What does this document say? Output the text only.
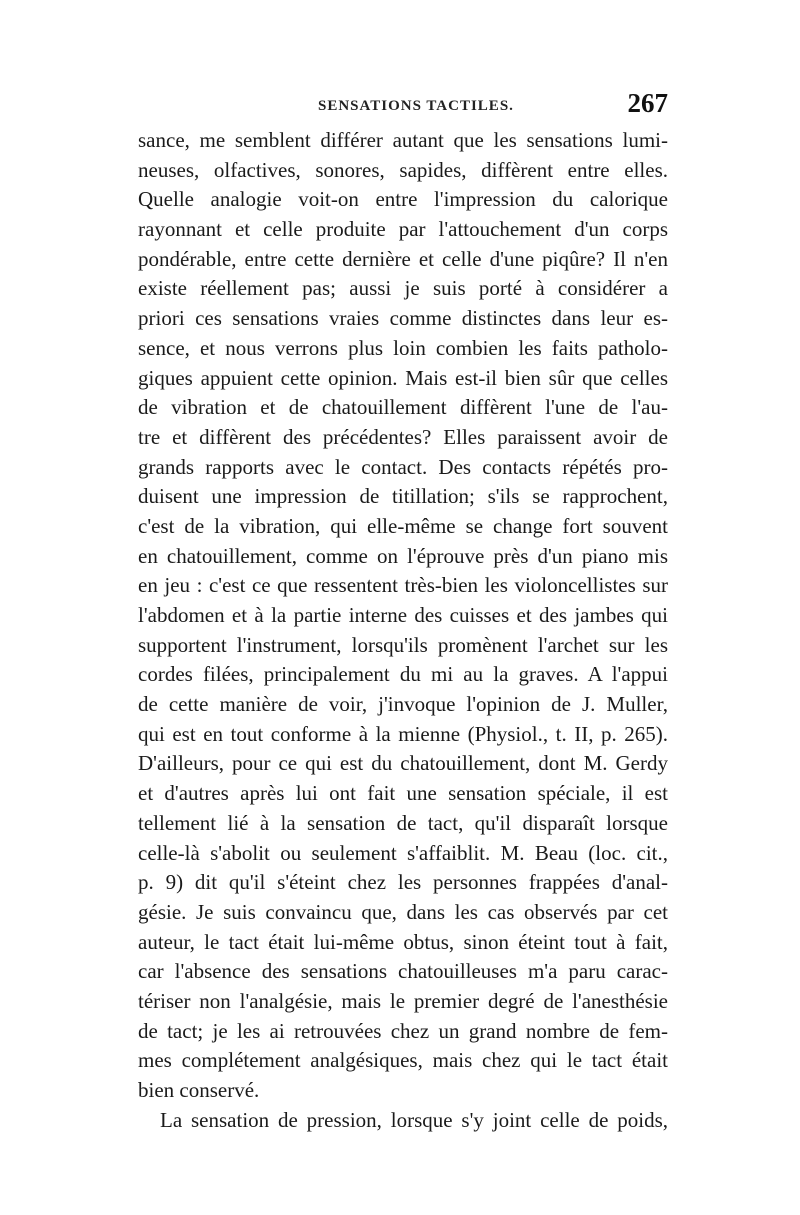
SENSATIONS TACTILES.	267
sance, me semblent différer autant que les sensations lumi-
neuses, olfactives, sonores, sapides, diffèrent entre elles.
Quelle analogie voit-on entre l'impression du calorique
rayonnant et celle produite par l'attouchement d'un corps
pondérable, entre cette dernière et celle d'une piqûre? Il n'en
existe réellement pas; aussi je suis porté à considérer a
priori ces sensations vraies comme distinctes dans leur es-
sence, et nous verrons plus loin combien les faits patholo-
giques appuient cette opinion. Mais est-il bien sûr que celles
de vibration et de chatouillement diffèrent l'une de l'au-
tre et diffèrent des précédentes? Elles paraissent avoir de
grands rapports avec le contact. Des contacts répétés pro-
duisent une impression de titillation; s'ils se rapprochent,
c'est de la vibration, qui elle-même se change fort souvent
en chatouillement, comme on l'éprouve près d'un piano mis
en jeu : c'est ce que ressentent très-bien les violoncellistes sur
l'abdomen et à la partie interne des cuisses et des jambes qui
supportent l'instrument, lorsqu'ils promènent l'archet sur les
cordes filées, principalement du mi au la graves. A l'appui
de cette manière de voir, j'invoque l'opinion de J. Muller,
qui est en tout conforme à la mienne (Physiol., t. II, p. 265).
D'ailleurs, pour ce qui est du chatouillement, dont M. Gerdy
et d'autres après lui ont fait une sensation spéciale, il est
tellement lié à la sensation de tact, qu'il disparaît lorsque
celle-là s'abolit ou seulement s'affaiblit. M. Beau (loc. cit.,
p. 9) dit qu'il s'éteint chez les personnes frappées d'anal-
gésie. Je suis convaincu que, dans les cas observés par cet
auteur, le tact était lui-même obtus, sinon éteint tout à fait,
car l'absence des sensations chatouilleuses m'a paru carac-
tériser non l'analgésie, mais le premier degré de l'anesthésie
de tact; je les ai retrouvées chez un grand nombre de fem-
mes complétement analgésiques, mais chez qui le tact était
bien conservé.
La sensation de pression, lorsque s'y joint celle de poids,
